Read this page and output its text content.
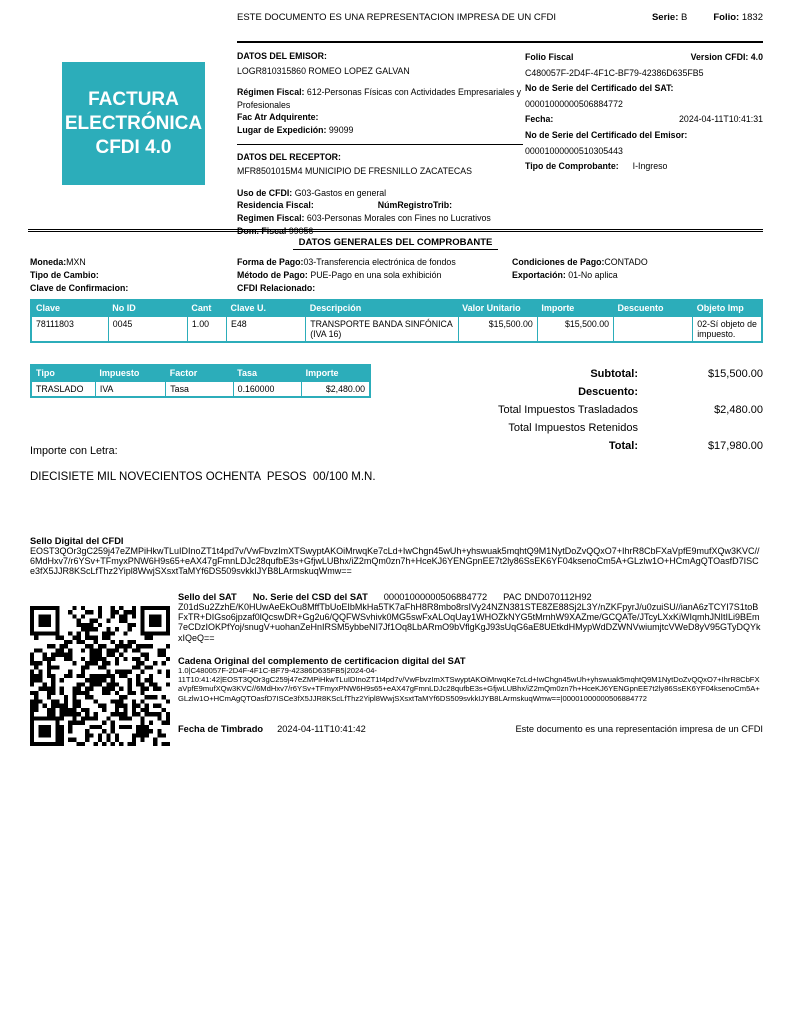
ESTE DOCUMENTO ES UNA REPRESENTACION IMPRESA DE UN CFDI	Serie: B	Folio: 1832
FACTURA
ELECTRÓNICA
CFDI 4.0
DATOS DEL EMISOR:
LOGR810315860 ROMEO LOPEZ GALVAN
Régimen Fiscal: 612-Personas Físicas con Actividades Empresariales y Profesionales
Fac Atr Adquirente:
Lugar de Expedición: 99099
DATOS DEL RECEPTOR:
MFR8501015M4 MUNICIPIO DE FRESNILLO ZACATECAS
Uso de CFDI: G03-Gastos en general
Residencia Fiscal:	NúmRegistroTrib:
Regimen Fiscal: 603-Personas Morales con Fines no Lucrativos
Dom. Fiscal 99056
Folio Fiscal	Version CFDI: 4.0
C480057F-2D4F-4F1C-BF79-42386D635FB5
No de Serie del Certificado del SAT:
00001000000506884772
Fecha:	2024-04-11T10:41:31
No de Serie del Certificado del Emisor:
00001000000510305443
Tipo de Comprobante: I-Ingreso
DATOS GENERALES DEL COMPROBANTE
Moneda:MXN
Tipo de Cambio:
Clave de Confirmacion:
Forma de Pago:03-Transferencia electrónica de fondos
Método de Pago: PUE-Pago en una sola exhibición
CFDI Relacionado:
Condiciones de Pago:CONTADO
Exportación: 01-No aplica
Clave	No ID	Cant	Clave U.	Descripción	Valor Unitario	Importe	Descuento	Objeto Imp
78111803	0045	1.00	E48	TRANSPORTE BANDA SINFÓNICA (IVA 16)	$15,500.00	$15,500.00		02-Sí objeto de impuesto.
Tipo	Impuesto	Factor	Tasa	Importe
TRASLADO	IVA	Tasa	0.160000	$2,480.00
Subtotal:	$15,500.00
Descuento:
Total Impuestos Trasladados	$2,480.00
Total Impuestos Retenidos
Total:	$17,980.00
Importe con Letra:
DIECISIETE MIL NOVECIENTOS OCHENTA  PESOS  00/100 M.N.
Sello Digital del CFDI
EOST3QOr3gC259j47eZMPiHkwTLuIDInoZT1t4pd7v/VwFbvzImXTSwyptAKOiMrwqKe7cLd+IwChgn45wUh+yhswuak5mqhtQ9M1NytDoZvQQxO7+IhrR8CbFXaVpfE9mufXQw3KVC//6MdHxv7/r6YSv+TFmyxPNW6H9s65+eAX47gFmnLDJc28qufbE3s+GfjwLUBhx/iZ2mQm0zn7h+HceKJ6YENGpnEE7t2ly86SsEK6YF04ksenoCm5A+GLzlw1O+HCmAgQTOasfD7ISCe3fX5JJR8KScLfThz2Yipl8WwjSXsxtTaMYf6DS509svkkIJYB8LArmskuqWmw==
Sello del SAT No. Serie del CSD del SAT 00001000000506884772 PAC DND070112H92
Z01dSu2ZzhE/K0HUwAeEkOu8MffTbUoEIbMkHa5TK7aFhH8R8mbo8rsIVy24NZN381STE8ZE88Sj2L3Y/nZKFpyrJ/u0zuiSU//ianA6zTCYI7S1toBFxTR+DIGso6jpzaf0lQcswDR+Gg2u6/QQFWSvhivk0MG5swFxALOqUay1WHOZkNYG5tMrnhW9XAZme/GCQATe/JTcyLXxKiWIqmhJNItILi9BEm7eCDzIOKPfYoj/snugV+uohanZeHnIRSM5ybbeNI7Jf1Oq8LbARmO9bVflgKgJ93sUqG6aE8UEtkdHMypWdDZWNVwiumjtcVWeD8yV95GTyDQYkxIQeQ==
Cadena Original del complemento de certificacion digital del SAT
1.0|C480057F-2D4F-4F1C-BF79-42386D635FB5|2024-04-11T10:41:42|EOST3QOr3gC259j47eZMPiHkwTLuIDInoZT1t4pd7v/VwFbvzImXTSwyptAKOiMrwqKe7cLd+IwChgn45wUh+yhswuak5mqhtQ9M1NytDoZvQQxO7+IhrR8CbFXaVpfE9mufXQw3KVC//6MdHxv7/r6YSv+TFmyxPNW6H9s65+eAX47gFmnLDJc28qufbE3s+GfjwLUBhx/iZ2mQm0zn7h+HceKJ6YENGpnEE7t2ly86SsEK6YF04ksenoCm5A+GLzlw1O+HCmAgQTOasfD7ISCe3fX5JJR8KScLfThz2Yipl8WwjSXsxtTaMYf6DS509svkkIJYB8LArmskuqWmw==|00001000000506884772
Fecha de Timbrado 2024-04-11T10:41:42	Este documento es una representación impresa de un CFDI
